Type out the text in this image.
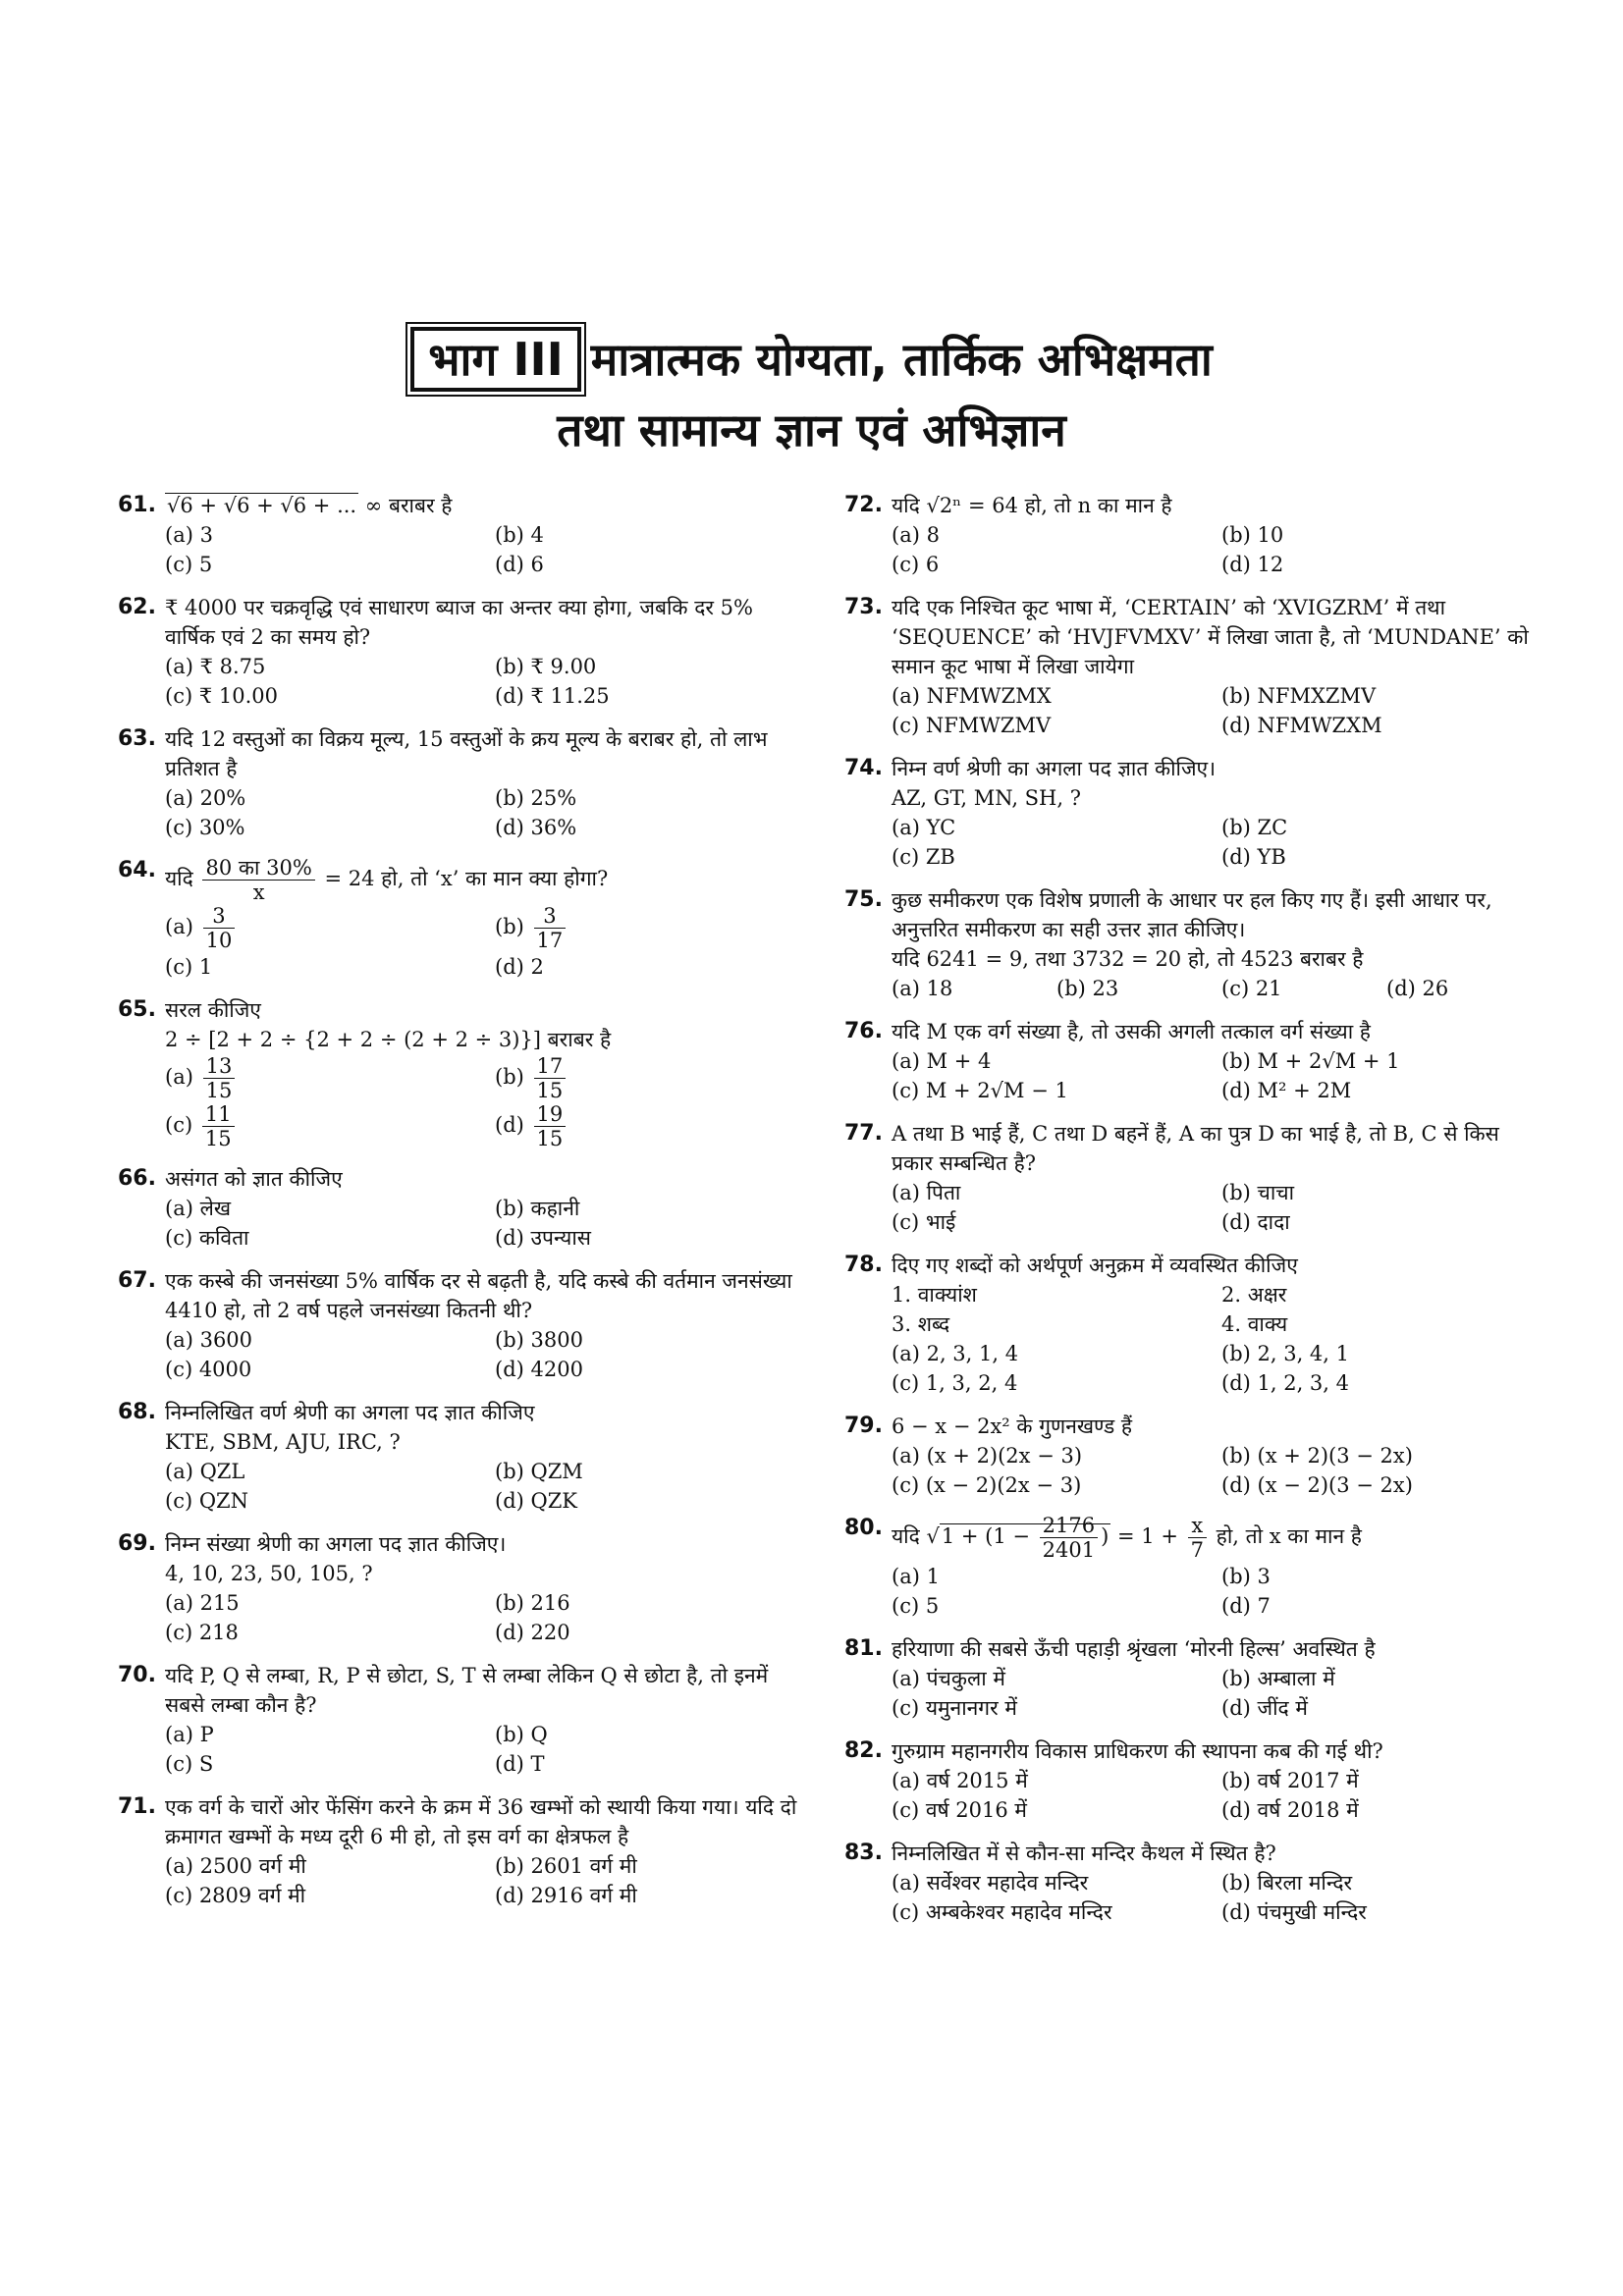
भाग III मात्रात्मक योग्यता, तार्किक अभिक्षमता
तथा सामान्य ज्ञान एवं अभिज्ञान
61. √6 + √6 + √6 + ... ∞ बराबर है
(a) 3	(b) 4
(c) 5	(d) 6
62. ₹ 4000 पर चक्रवृद्धि एवं साधारण ब्याज का अन्तर क्या होगा, जबकि दर 5% वार्षिक एवं 2 का समय हो?
(a) ₹ 8.75	(b) ₹ 9.00
(c) ₹ 10.00	(d) ₹ 11.25
63. यदि 12 वस्तुओं का विक्रय मूल्य, 15 वस्तुओं के क्रय मूल्य के बराबर हो, तो लाभ प्रतिशत है
(a) 20%	(b) 25%
(c) 30%	(d) 36%
64. यदि $\frac{\text{80 का 30\%}}{x} = 24$ हो, तो ‘x’ का मान क्या होगा?
$(a) \frac{3}{10}$	$(b) \frac{3}{17}$
(c) 1	(d) 2
65. सरल कीजिए
2 ÷ [2 + 2 ÷ {2 + 2 ÷ (2 + 2 ÷ 3)}] बराबर है
$(a) \frac{13}{15}$	$(b) \frac{17}{15}$
$(c) \frac{11}{15}$	$(d) \frac{19}{15}$
66. असंगत को ज्ञात कीजिए
(a) लेख	(b) कहानी
(c) कविता	(d) उपन्यास
67. एक कस्बे की जनसंख्या 5% वार्षिक दर से बढ़ती है, यदि कस्बे की वर्तमान जनसंख्या 4410 हो, तो 2 वर्ष पहले जनसंख्या कितनी थी?
(a) 3600	(b) 3800
(c) 4000	(d) 4200
68. निम्नलिखित वर्ण श्रेणी का अगला पद ज्ञात कीजिए
KTE, SBM, AJU, IRC, ?
(a) QZL	(b) QZM
(c) QZN	(d) QZK
69. निम्न संख्या श्रेणी का अगला पद ज्ञात कीजिए।
4, 10, 23, 50, 105, ?
(a) 215	(b) 216
(c) 218	(d) 220
70. यदि P, Q से लम्बा, R, P से छोटा, S, T से लम्बा लेकिन Q से छोटा है, तो इनमें सबसे लम्बा कौन है?
(a) P	(b) Q
(c) S	(d) T
71. एक वर्ग के चारों ओर फेंसिंग करने के क्रम में 36 खम्भों को स्थायी किया गया। यदि दो क्रमागत खम्भों के मध्य दूरी 6 मी हो, तो इस वर्ग का क्षेत्रफल है
(a) 2500 वर्ग मी	(b) 2601 वर्ग मी
(c) 2809 वर्ग मी	(d) 2916 वर्ग मी
72. यदि √2ⁿ = 64 हो, तो n का मान है
(a) 8	(b) 10
(c) 6	(d) 12
73. यदि एक निश्चित कूट भाषा में, ‘CERTAIN’ को ‘XVIGZRM’ में तथा ‘SEQUENCE’ को ‘HVJFVMXV’ में लिखा जाता है, तो ‘MUNDANE’ को समान कूट भाषा में लिखा जायेगा
(a) NFMWZMX	(b) NFMXZMV
(c) NFMWZMV	(d) NFMWZXM
74. निम्न वर्ण श्रेणी का अगला पद ज्ञात कीजिए।
AZ, GT, MN, SH, ?
(a) YC	(b) ZC
(c) ZB	(d) YB
75. कुछ समीकरण एक विशेष प्रणाली के आधार पर हल किए गए हैं। इसी आधार पर, अनुत्तरित समीकरण का सही उत्तर ज्ञात कीजिए।
यदि 6241 = 9, तथा 3732 = 20 हो, तो 4523 बराबर है
(a) 18	(b) 23	(c) 21	(d) 26
76. यदि M एक वर्ग संख्या है, तो उसकी अगली तत्काल वर्ग संख्या है
(a) M + 4	(b) M + 2√M + 1
(c) M + 2√M − 1	(d) M² + 2M
77. A तथा B भाई हैं, C तथा D बहनें हैं, A का पुत्र D का भाई है, तो B, C से किस प्रकार सम्बन्धित है?
(a) पिता	(b) चाचा
(c) भाई	(d) दादा
78. दिए गए शब्दों को अर्थपूर्ण अनुक्रम में व्यवस्थित कीजिए
1. वाक्यांश	2. अक्षर
3. शब्द	4. वाक्य
(a) 2, 3, 1, 4	(b) 2, 3, 4, 1
(c) 1, 3, 2, 4	(d) 1, 2, 3, 4
79. 6 − x − 2x² के गुणनखण्ड हैं
(a) (x + 2)(2x − 3)	(b) (x + 2)(3 − 2x)
(c) (x − 2)(2x − 3)	(d) (x − 2)(3 − 2x)
80. यदि $√1 + (1 - \frac{2176}{2401}$ ) = $1 + \frac{x}{7}$ हो, तो x का मान है
(a) 1	(b) 3
(c) 5	(d) 7
81. हरियाणा की सबसे ऊँची पहाड़ी श्रृंखला ‘मोरनी हिल्स’ अवस्थित है
(a) पंचकुला में	(b) अम्बाला में
(c) यमुनानगर में	(d) जींद में
82. गुरुग्राम महानगरीय विकास प्राधिकरण की स्थापना कब की गई थी?
(a) वर्ष 2015 में	(b) वर्ष 2017 में
(c) वर्ष 2016 में	(d) वर्ष 2018 में
83. निम्नलिखित में से कौन-सा मन्दिर कैथल में स्थित है?
(a) सर्वेश्वर महादेव मन्दिर	(b) बिरला मन्दिर
(c) अम्बकेश्वर महादेव मन्दिर	(d) पंचमुखी मन्दिर
